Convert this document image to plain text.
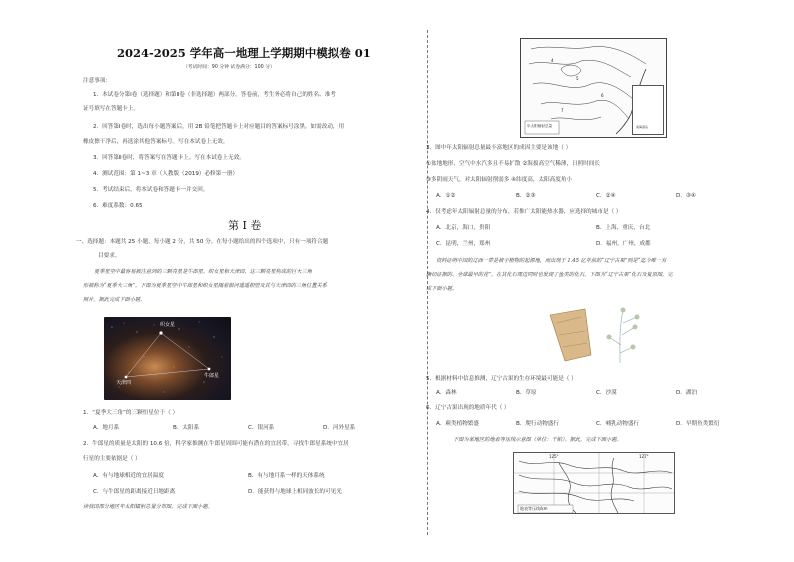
2024-2025 学年高一地理上学期期中模拟卷 01
（考试时间：90 分钟 试卷满分：100 分）
注意事项：
1．本试卷分第Ⅰ卷（选择题）和第Ⅱ卷（非选择题）两部分。答卷前，考生务必将自己的姓名、准考
证号填写在答题卡上。
2．回答第Ⅰ卷时，选出每小题答案后，用 2B 铅笔把答题卡上对应题目的答案标号涂黑。如需改动，用
橡皮擦干净后，再选涂其他答案标号。写在本试卷上无效。
3．回答第Ⅱ卷时，将答案写在答题卡上。写在本试卷上无效。
4．测试范围：第 1~3 章（人教版（2019）必修第一册）
5．考试结束后，将本试卷和答题卡一并交回。
6．难度系数：0.65
第 Ⅰ 卷
一、选择题：本题共 25 小题，每小题 2 分，共 50 分。在每小题给出的四个选项中，只有一项符合题
目要求。
夏季星空中最容易被注意到的三颗亮星是牛郎星、织女星和天津四，这三颗亮星构成的巨大三角
形被称为“夏季大三角”。下图为夏季星空中牛郎星和织女星隔着银河遥遥相望及其与天津四的三角位置关系
照片。据此完成下面小题。
1．“夏季大三角”的三颗恒星位于（ ）
A．地月系	B．太阳系	C．银河系	D．河外星系
2．牛郎星的质量是太阳的 10.6 倍，科学家推测在牛郎星周围可能有潜在的宜居带，寻找牛郎星系统中宜居
行星的主要依据是（ ）
A．有与地球相近的宜居温度	B．有与地月系一样的天体系统
C．与牛郎星的距离接近日地距离	D．能获得与地球上相同波长的可见光
读我国部分地区年太阳辐射总量分布图，完成下面小题。
织女星
天津四
牛郎星
4
5
6
7
年太阳辐射总量	南海诸岛
3．图中年太阳辐射总量最丰富地区的成因主要是该地（ ）
①盆地地形，空气中水汽多且不易扩散 ②海拔高空气稀薄，日照时间长
③多阴雨天气，对太阳辐射削弱多 ④纬度高，太阳高度角小
A．①②	B．②③	C．②④	D．③④
4．仅考虑年太阳辐射总量的分布，若推广太阳能热水器，应选择的城市是（ ）
A．北京，海口，贵阳	B．上海，重庆，台北
C．昆明，兰州，郑州	D．福州，广州，成都
资料证明中国的辽西一带是被子植物的起源地，而出现于 1.45 亿年前的“辽宁古果”则是“迄今唯一有
确切证据的、全球最早的花”。在其化石周边同时也发现了鱼类的化石。下图为“辽宁古果”化石及复原图。完
成下面小题。
5．根据材料中信息推测，辽宁古果的生存环境最可能是（ ）
A．森林	B．草原	C．沙漠	D．湖泊
6．辽宁古果出现的地质年代（ ）
A．蕨类植物繁盛	B．爬行动物盛行	C．哺乳动物盛行	D．早期鱼类繁衍
下图为某地区的地表等压线示意图（单位：千帕）。据此，完成下面小题。
125°	127°
地表等压线/km
